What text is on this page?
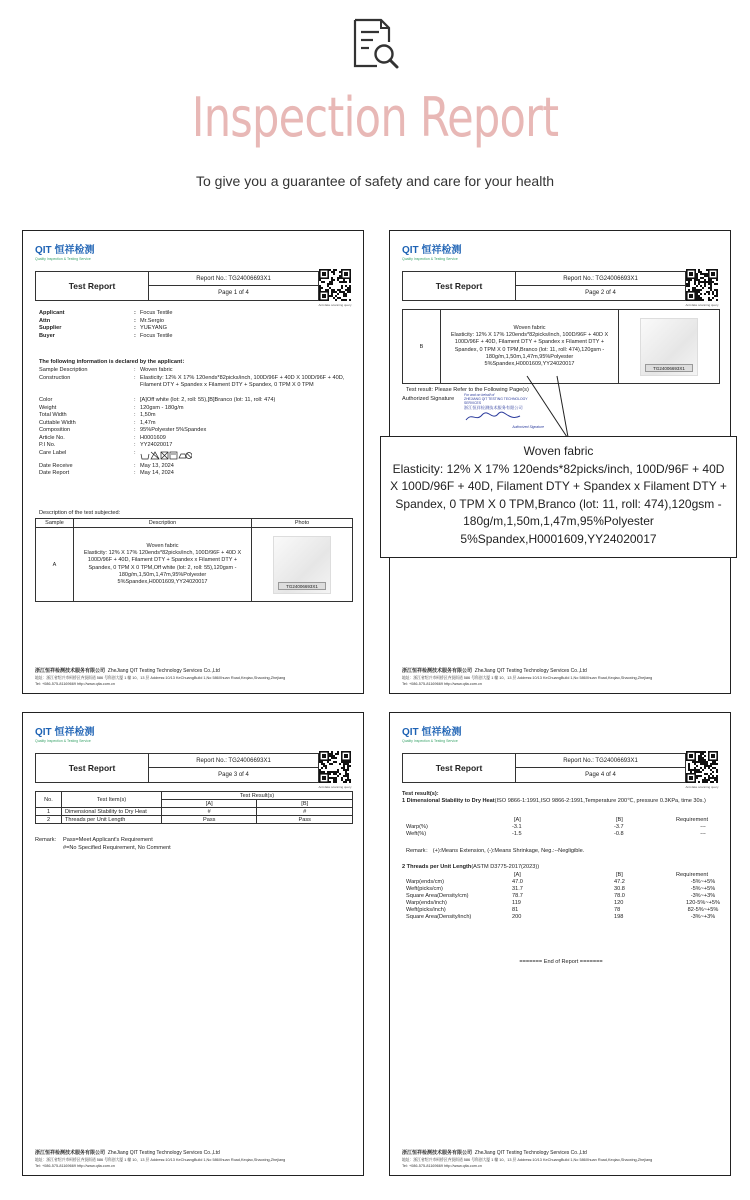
Inspection Report
To give you a guarantee of safety and care for your health
QIT 恒祥检测
Quality Inspection & Testing Service
Test Report
Report No.: TG24006693X1
Page 1 of 4
Anti-fake scanning query
Applicant	: Focus Textile
Attn	: Mr.Sergio
Supplier	: YUEYANG
Buyer	: Focus Textile
The following information is declared by the applicant：
Sample Description	: Woven fabric
Construction	: Elasticity: 12% X 17% 120ends*82picks/inch, 100D/96F + 40D X 100D/96F + 40D, Filament DTY + Spandex x Filament DTY + Spandex, 0 TPM X 0 TPM
Color	: [A]Off white (lot: 2, roll: 55),[B]Branco (lot: 11, roll: 474)
Weight	: 120gsm - 180g/m
Total Width	: 1,50m
Cuttable Width	: 1,47m
Composition	: 95%Polyester 5%Spandex
Article No.	: H0001609
P.I No.	: YY24020017
Care Label	:
Date Receive	: May 13, 2024
Date Report	: May 14, 2024
Description of the test subjected:
Sample	Description	Photo
A	Woven fabric
Elasticity: 12% X 17% 120ends*82picks/inch, 100D/96F + 40D X 100D/96F + 40D, Filament DTY + Spandex x Filament DTY + Spandex, 0 TPM X 0 TPM,Off white (lot: 2, roll: 55),120gsm - 180g/m,1,50m,1,47m,95%Polyester 5%Spandex,H0001609,YY24020017	TG24006693X1
浙江恒祥检测技术服务有限公司 ZheJiang QIT Testing Technology Services Co.,Ltd
地址：浙江省绍兴市柯桥区齐贤街道 586 号科创大厦 1 幢 10、13 层 Address:10/13 KeChuangBuild 1,No 586Xhuan Road,Keqiao,Shaoxing,Zhejiang
Tel: +086-575-81169669 http://www.qita.com.cn
QIT 恒祥检测
Quality Inspection & Testing Service
Test Report
Report No.: TG24006693X1
Page 2 of 4
Anti-fake scanning query
B	Woven fabric
Elasticity: 12% X 17% 120ends*82picks/inch, 100D/96F + 40D X 100D/96F + 40D, Filament DTY + Spandex x Filament DTY + Spandex, 0 TPM X 0 TPM,Branco (lot: 11, roll: 474),120gsm - 180g/m,1,50m,1,47m,95%Polyester 5%Spandex,H0001609,YY24020017	
TG24006693X1
Test result: Please Refer to the Following Page(s)
Authorized Signature
For and on behalf of
ZHEJIANG QIT TESTING TECHNOLOGY SERVICES
浙江恒祥检测技术服务有限公司
Authorized Signature
浙江恒祥检测技术服务有限公司 ZheJiang QIT Testing Technology Services Co.,Ltd
地址：浙江省绍兴市柯桥区齐贤街道 586 号科创大厦 1 幢 10、13 层 Address:10/13 KeChuangBuild 1,No 586Xhuan Road,Keqiao,Shaoxing,Zhejiang
Tel: +086-575-81169669 http://www.qita.com.cn
Woven fabric
Elasticity: 12% X 17% 120ends*82picks/inch, 100D/96F + 40D X 100D/96F + 40D, Filament DTY + Spandex x Filament DTY + Spandex, 0 TPM X 0 TPM,Branco (lot: 11, roll: 474),120gsm - 180g/m,1,50m,1,47m,95%Polyester 5%Spandex,H0001609,YY24020017
QIT 恒祥检测
Quality Inspection & Testing Service
Test Report
Report No.: TG24006693X1
Page 3 of 4
Anti-fake scanning query
No.	Test Item(s)	Test Result(s)	
		[A]	[B]
1	Dimensional Stability to Dry Heat	#	#
2	Threads per Unit Length	Pass	Pass
Remark: Pass=Meet Applicant's Requirement
#=No Specified Requirement, No Comment
浙江恒祥检测技术服务有限公司 ZheJiang QIT Testing Technology Services Co.,Ltd
地址：浙江省绍兴市柯桥区齐贤街道 586 号科创大厦 1 幢 10、13 层 Address:10/13 KeChuangBuild 1,No 586Xhuan Road,Keqiao,Shaoxing,Zhejiang
Tel: +086-575-81169669 http://www.qita.com.cn
QIT 恒祥检测
Quality Inspection & Testing Service
Test Report
Report No.: TG24006693X1
Page 4 of 4
Anti-fake scanning query
Test result(s):
1 Dimensional Stability to Dry Heat(ISO 9866-1:1991,ISO 9866-2:1991,Temperature 200℃, pressure 0.3KPa, time 30s.)
[A]	[B]	Requirement
Warp(%)	-3.1	-3.7	---
Weft(%)	-1.5	-0.8	---
Remark： (+):Means Extension, (-):Means Shrinkage, Neg.:--Negligible.
2 Threads per Unit Length(ASTM D3775-2017(2023))
[A]	[B]	Requirement
Warp(ends/cm)	47.0	47.2	-5%~+5%
Weft(picks/cm)	31.7	30.8	-5%~+5%
Square Area(Density/cm)	78.7	78.0	-3%~+3%
Warp(ends/inch)	119	120	120-5%~+5%
Weft(picks/inch)	81	78	82-5%~+5%
Square Area(Density/inch)	200	198	-3%~+3%
======= End of Report =======
浙江恒祥检测技术服务有限公司 ZheJiang QIT Testing Technology Services Co.,Ltd
地址：浙江省绍兴市柯桥区齐贤街道 586 号科创大厦 1 幢 10、13 层 Address:10/13 KeChuangBuild 1,No 586Xhuan Road,Keqiao,Shaoxing,Zhejiang
Tel: +086-575-81169669 http://www.qita.com.cn
